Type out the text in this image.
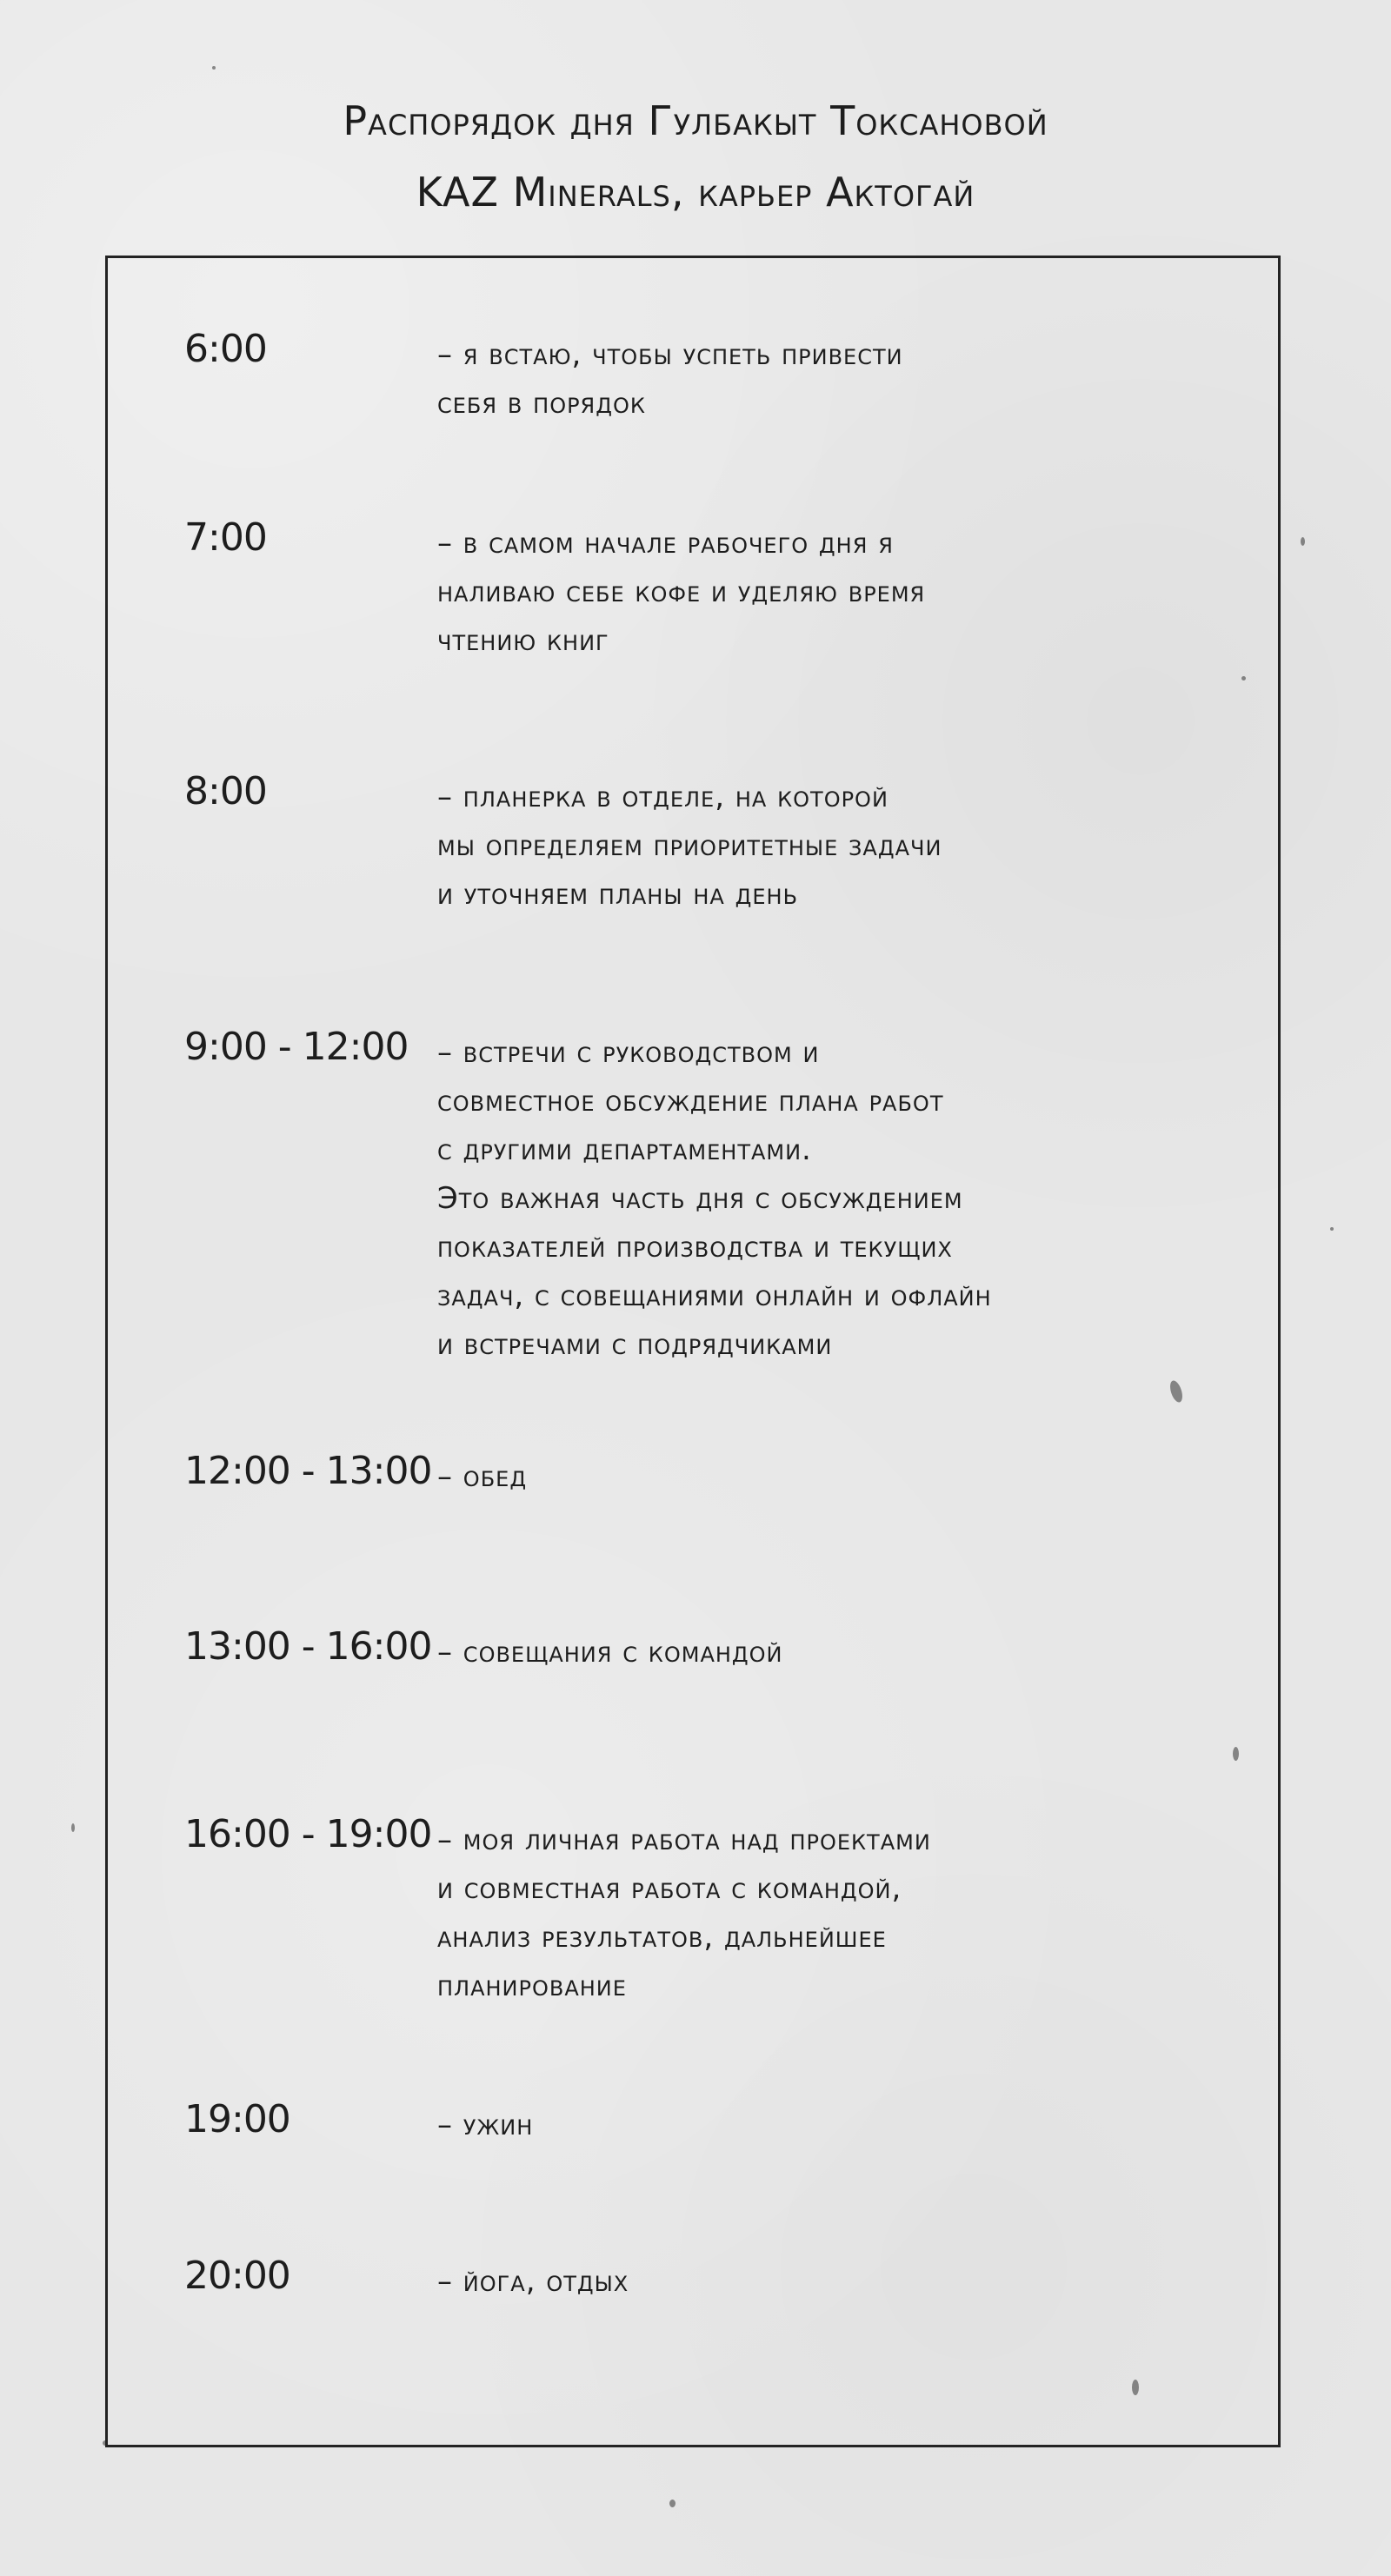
Распорядок дня Гулбакыт Токсановой
KAZ Minerals, карьер Актогай
6:00	– я встаю, чтобы успеть привести
себя в порядок
7:00	– в самом начале рабочего дня я
наливаю себе кофе и уделяю время
чтению книг
8:00	– планерка в отделе, на которой
мы определяем приоритетные задачи
и уточняем планы на день
9:00 - 12:00 – встречи с руководством и
совместное обсуждение плана работ
с другими департаментами.
Это важная часть дня с обсуждением
показателей производства и текущих
задач, с совещаниями онлайн и офлайн
и встречами с подрядчиками
12:00 - 13:00 – обед
13:00 - 16:00 – совещания с командой
16:00 - 19:00 – моя личная работа над проектами
и совместная работа с командой,
анализ результатов, дальнейшее
планирование
19:00	– ужин
20:00	– йога, отдых
